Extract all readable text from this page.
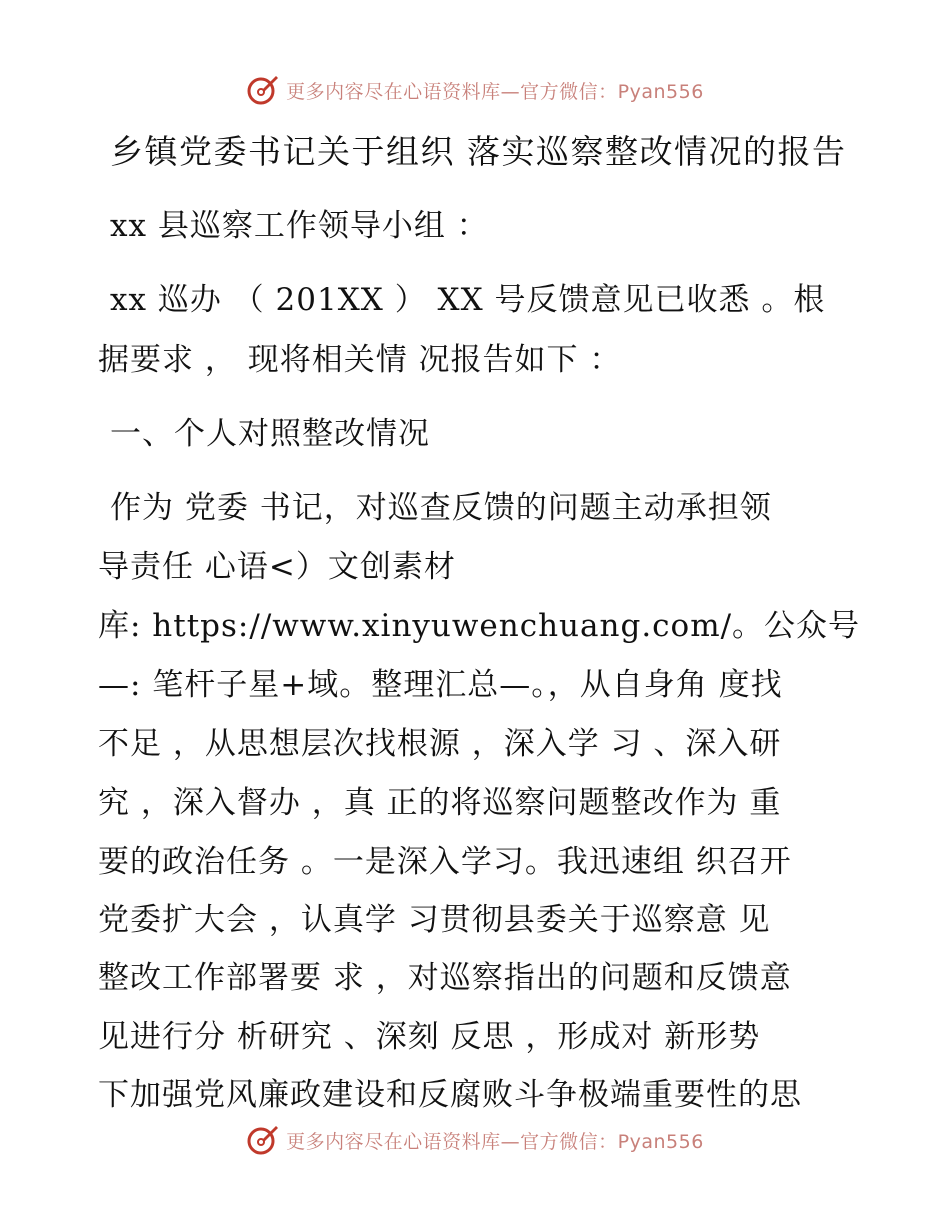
更多内容尽在心语资料库—官方微信：Pyan556
乡镇党委书记关于组织 落实巡察整改情况的报告
xx 县巡察工作领导小组 ：
xx 巡办 （ 201XX ） XX 号反馈意见已收悉 。根
据要求 ， 现将相关情 况报告如下 ：
一、个人对照整改情况
作为 党委 书记，对巡查反馈的问题主动承担领
导责任 心语<）文创素材
库: https://www.xinyuwenchuang.com/。公众号
—: 笔杆子星+域。整理汇总—。，从自身角 度找
不足 ，从思想层次找根源 ，深入学 习 、深入研
究 ，深入督办 ，真 正的将巡察问题整改作为 重
要的政治任务 。一是深入学习。我迅速组 织召开
党委扩大会 ，认真学 习贯彻县委关于巡察意 见
整改工作部署要 求 ，对巡察指出的问题和反馈意
见进行分 析研究 、深刻 反思 ，形成对 新形势
下加强党风廉政建设和反腐败斗争极端重要性的思
更多内容尽在心语资料库—官方微信：Pyan556
